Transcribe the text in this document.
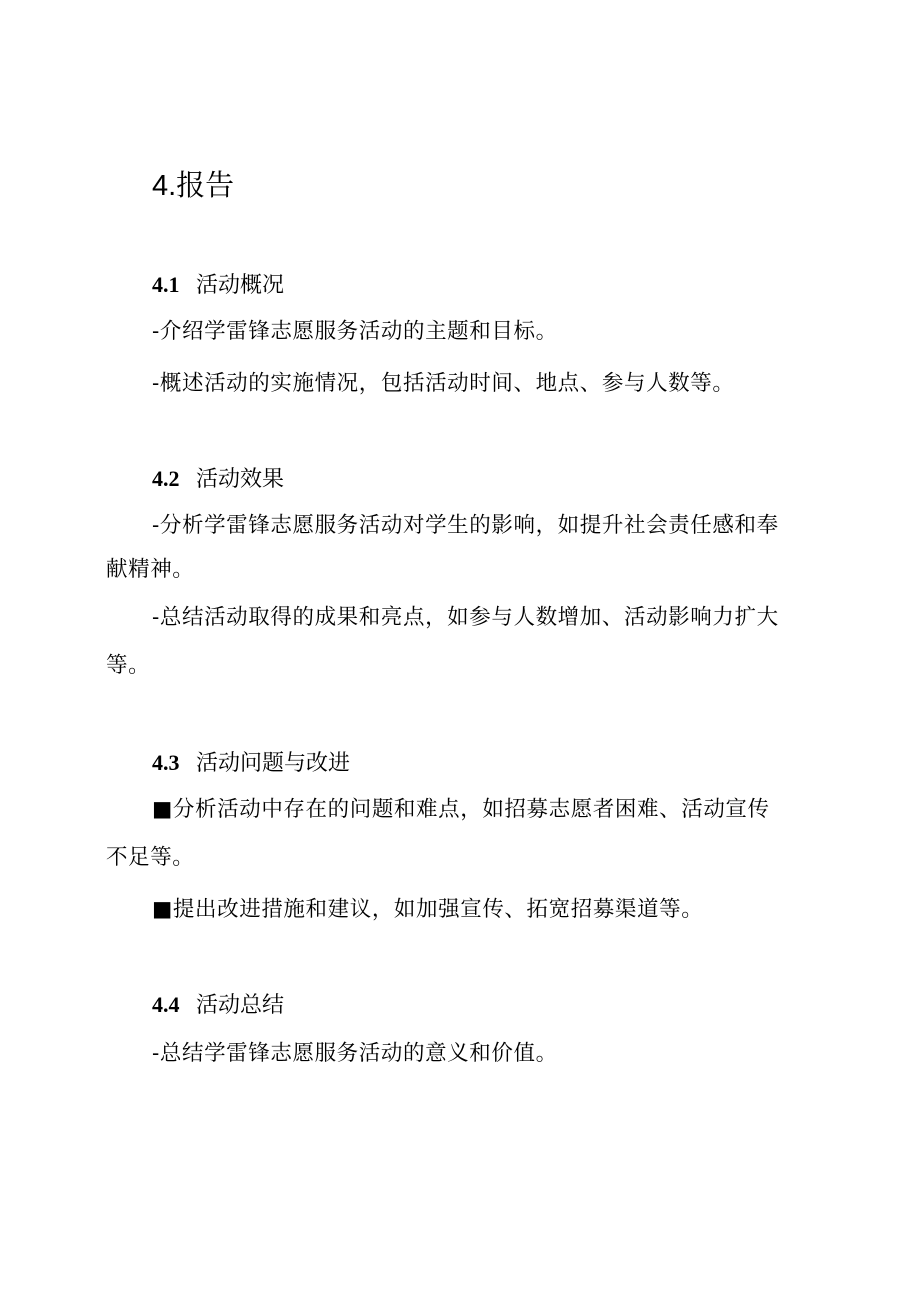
4.报告
4.1 活动概况

-介绍学雷锋志愿服务活动的主题和目标。

-概述活动的实施情况，包括活动时间、地点、参与人数等。

4.2 活动效果

-分析学雷锋志愿服务活动对学生的影响，如提升社会责任感和奉

献精神。

-总结活动取得的成果和亮点，如参与人数增加、活动影响力扩大

等。

4.3 活动问题与改进

■分析活动中存在的问题和难点，如招募志愿者困难、活动宣传

不足等。

■提出改进措施和建议，如加强宣传、拓宽招募渠道等。

4.4 活动总结

-总结学雷锋志愿服务活动的意义和价值。
